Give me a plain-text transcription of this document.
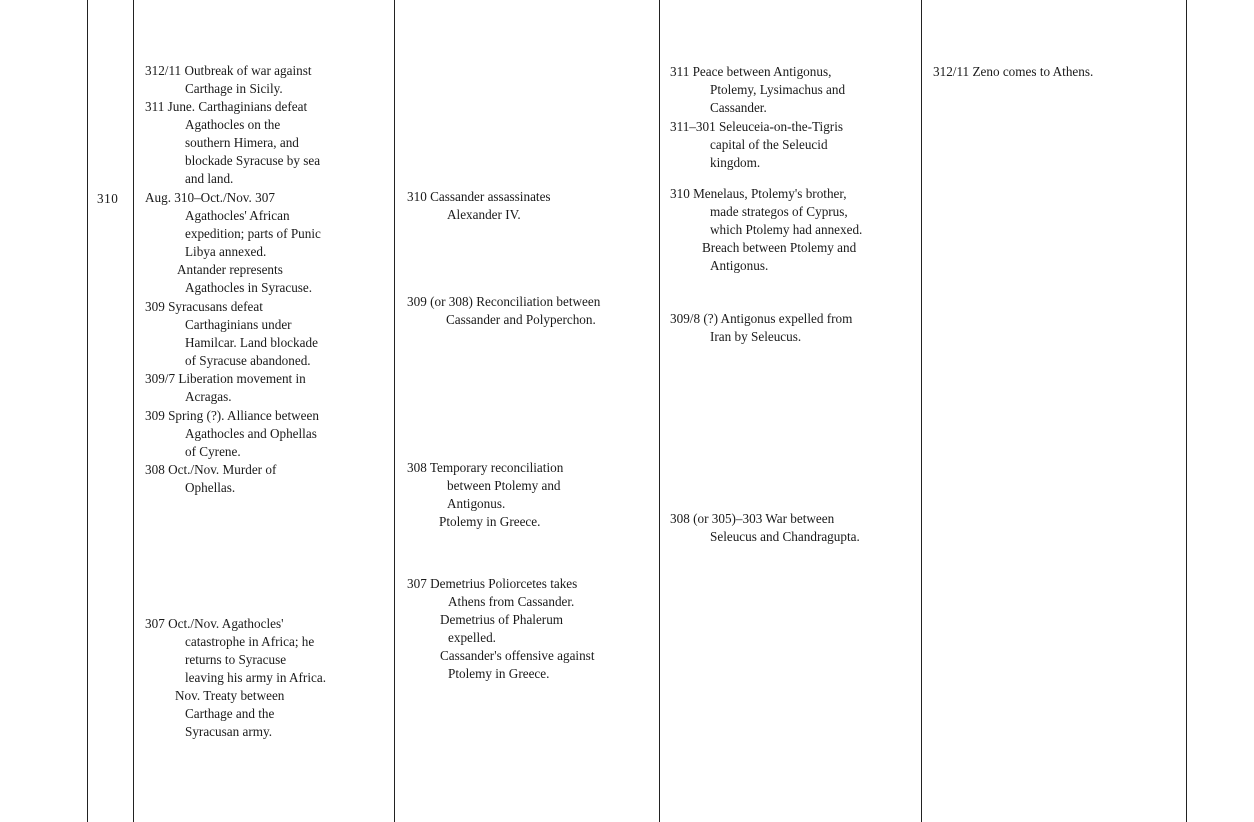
310
312/11 Outbreak of war against
Carthage in Sicily.
311 June. Carthaginians defeat
Agathocles on the
southern Himera, and
blockade Syracuse by sea
and land.
Aug. 310–Oct./Nov. 307
Agathocles' African
expedition; parts of Punic
Libya annexed.
Antander represents
Agathocles in Syracuse.
309 Syracusans defeat
Carthaginians under
Hamilcar. Land blockade
of Syracuse abandoned.
309/7 Liberation movement in
Acragas.
309 Spring (?). Alliance between
Agathocles and Ophellas
of Cyrene.
308 Oct./Nov. Murder of
Ophellas.
307 Oct./Nov. Agathocles'
catastrophe in Africa; he
returns to Syracuse
leaving his army in Africa.
Nov. Treaty between
Carthage and the
Syracusan army.
310 Cassander assassinates
Alexander IV.
309 (or 308) Reconciliation between
Cassander and Polyperchon.
308 Temporary reconciliation
between Ptolemy and
Antigonus.
Ptolemy in Greece.
307 Demetrius Poliorcetes takes
Athens from Cassander.
Demetrius of Phalerum
expelled.
Cassander's offensive against
Ptolemy in Greece.
311 Peace between Antigonus,
Ptolemy, Lysimachus and
Cassander.
311–301 Seleuceia-on-the-Tigris
capital of the Seleucid
kingdom.
310 Menelaus, Ptolemy's brother,
made strategos of Cyprus,
which Ptolemy had annexed.
Breach between Ptolemy and
Antigonus.
309/8 (?) Antigonus expelled from
Iran by Seleucus.
308 (or 305)–303 War between
Seleucus and Chandragupta.
312/11 Zeno comes to Athens.
